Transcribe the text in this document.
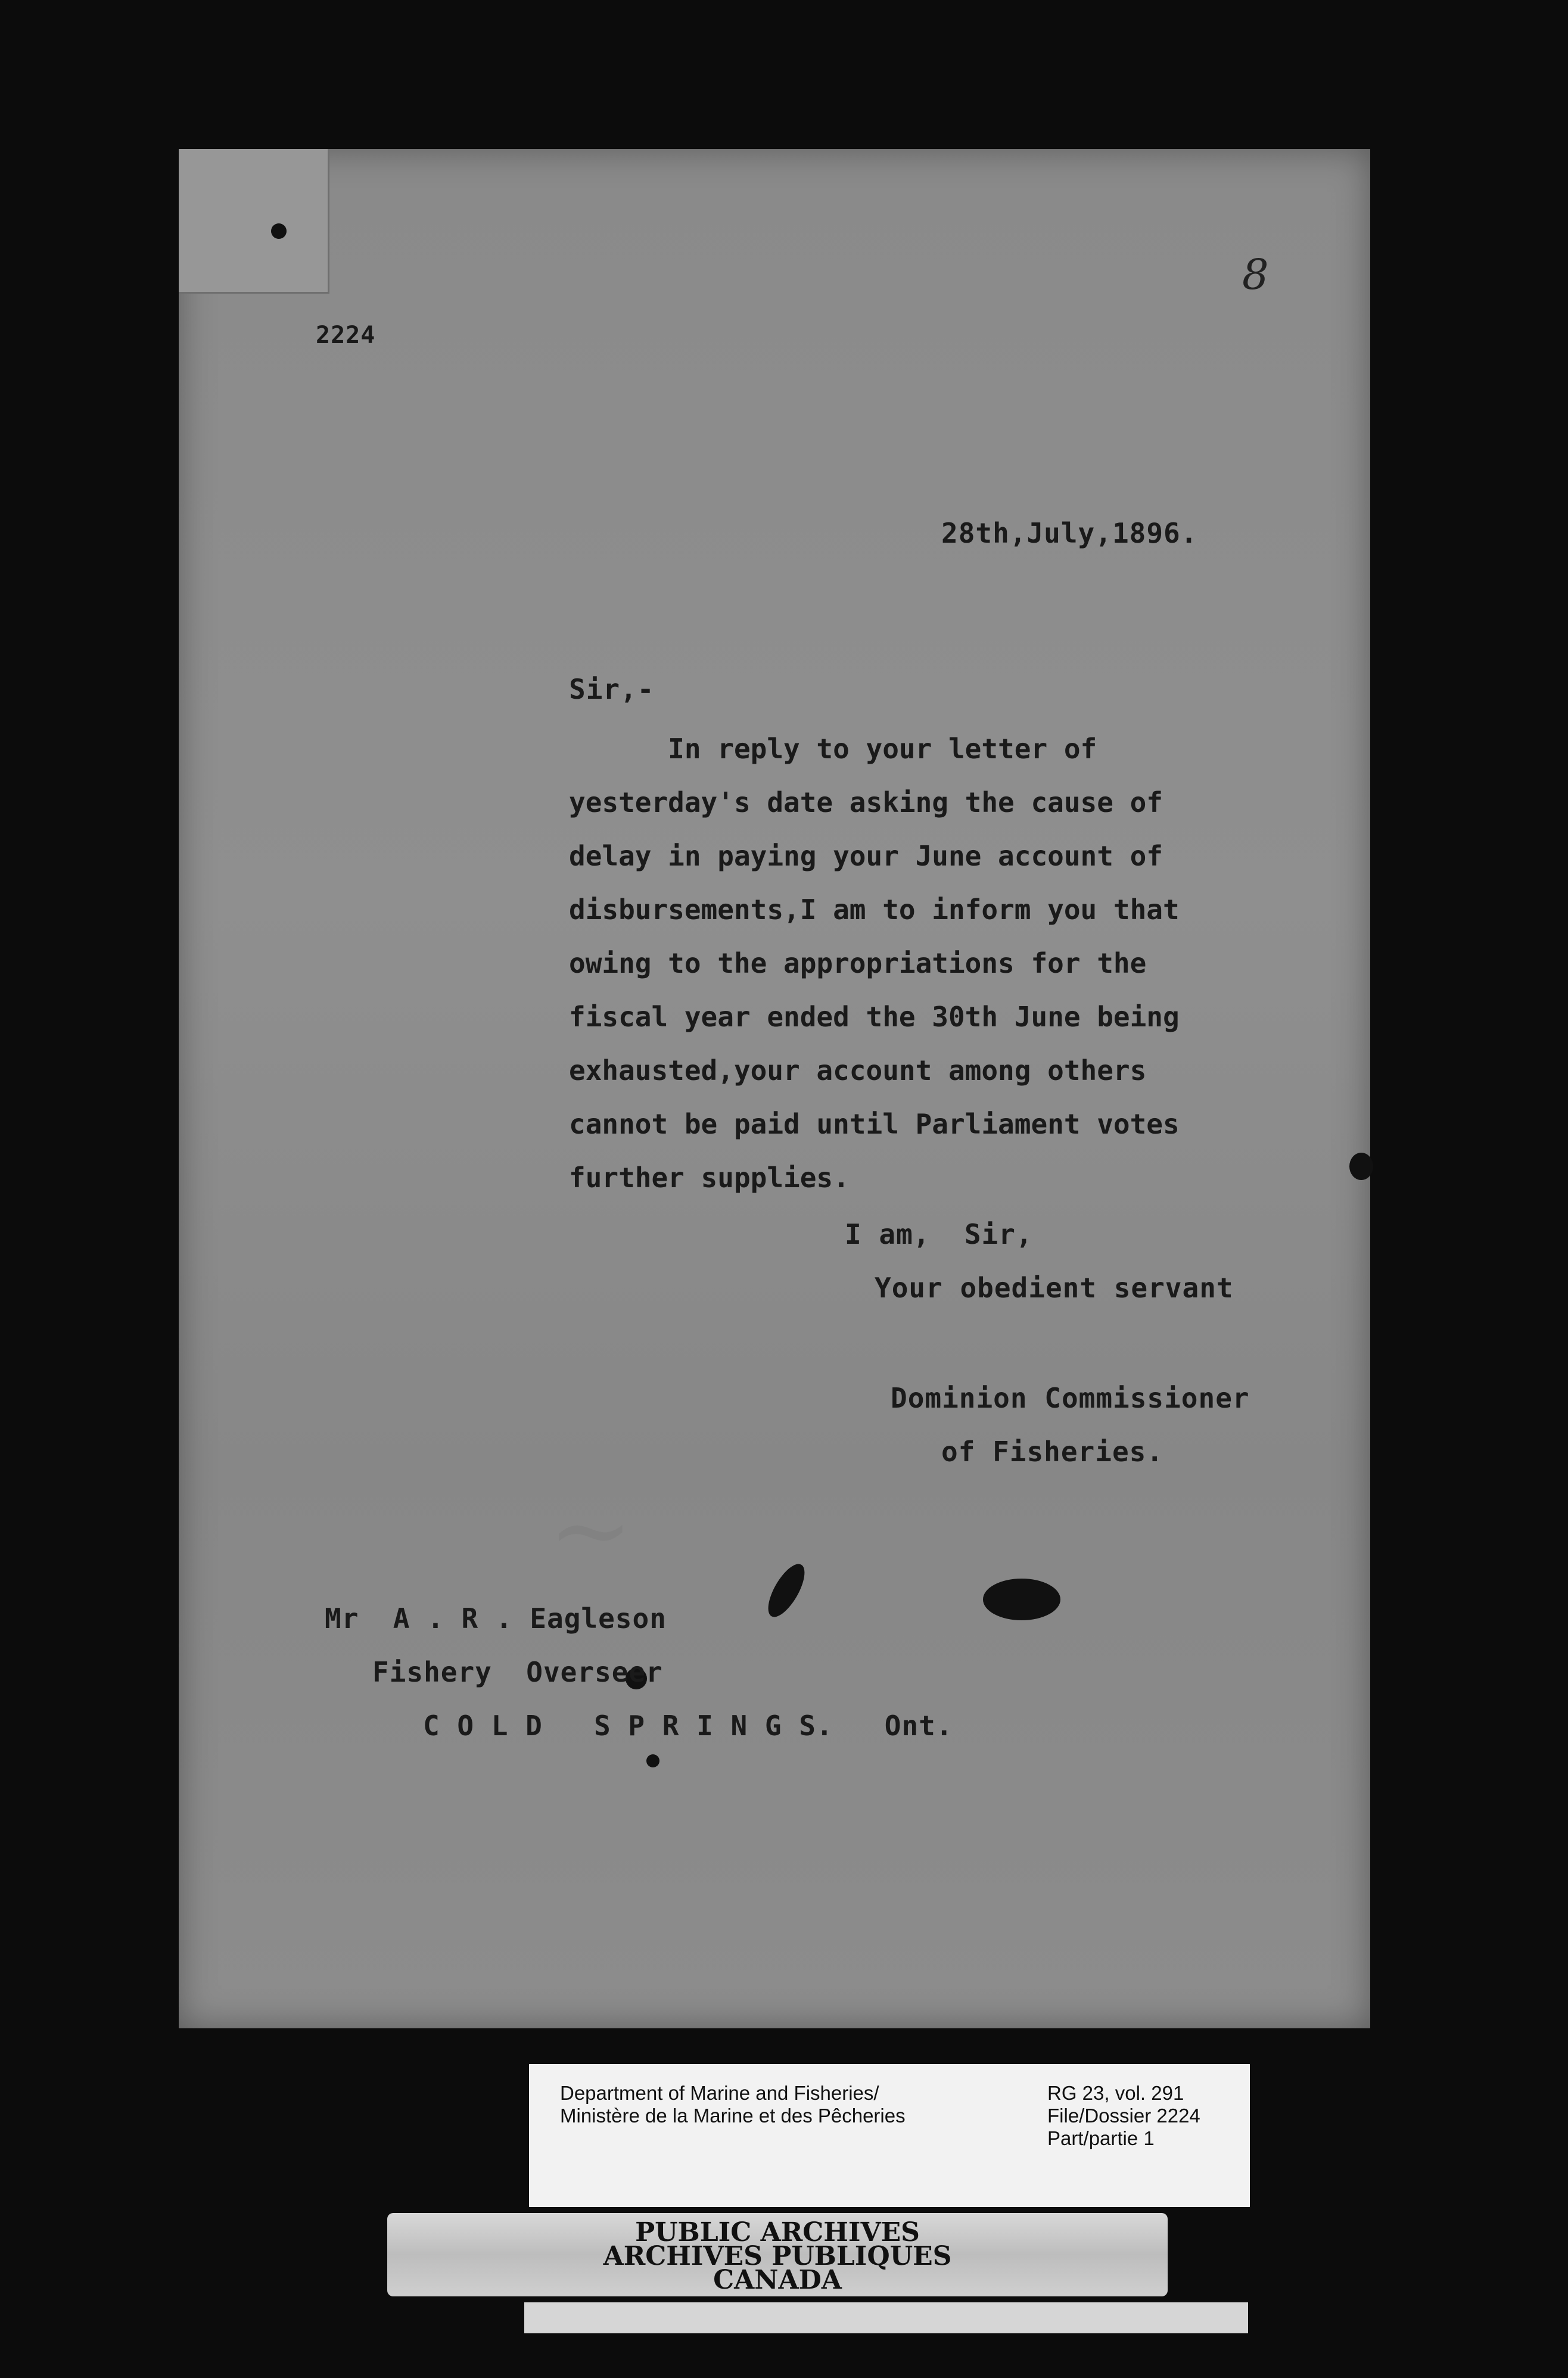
2224
8
28th,July,1896.
Sir,-
In reply to your letter of
yesterday's date asking the cause of
delay in paying your June account of
disbursements,I am to inform you that
owing to the appropriations for the
fiscal year ended the 30th June being
exhausted,your account among others
cannot be paid until Parliament votes
further supplies.
I am,  Sir,
Your obedient servant
Dominion Commissioner
of Fisheries.
~
Mr  A . R . Eagleson
Fishery  Overseer
C O L D   S P R I N G S.   Ont.
Department of Marine and Fisheries/
Ministère de la Marine et des Pêcheries
RG 23, vol. 291
File/Dossier 2224
Part/partie 1
PUBLIC ARCHIVES
ARCHIVES PUBLIQUES
CANADA
